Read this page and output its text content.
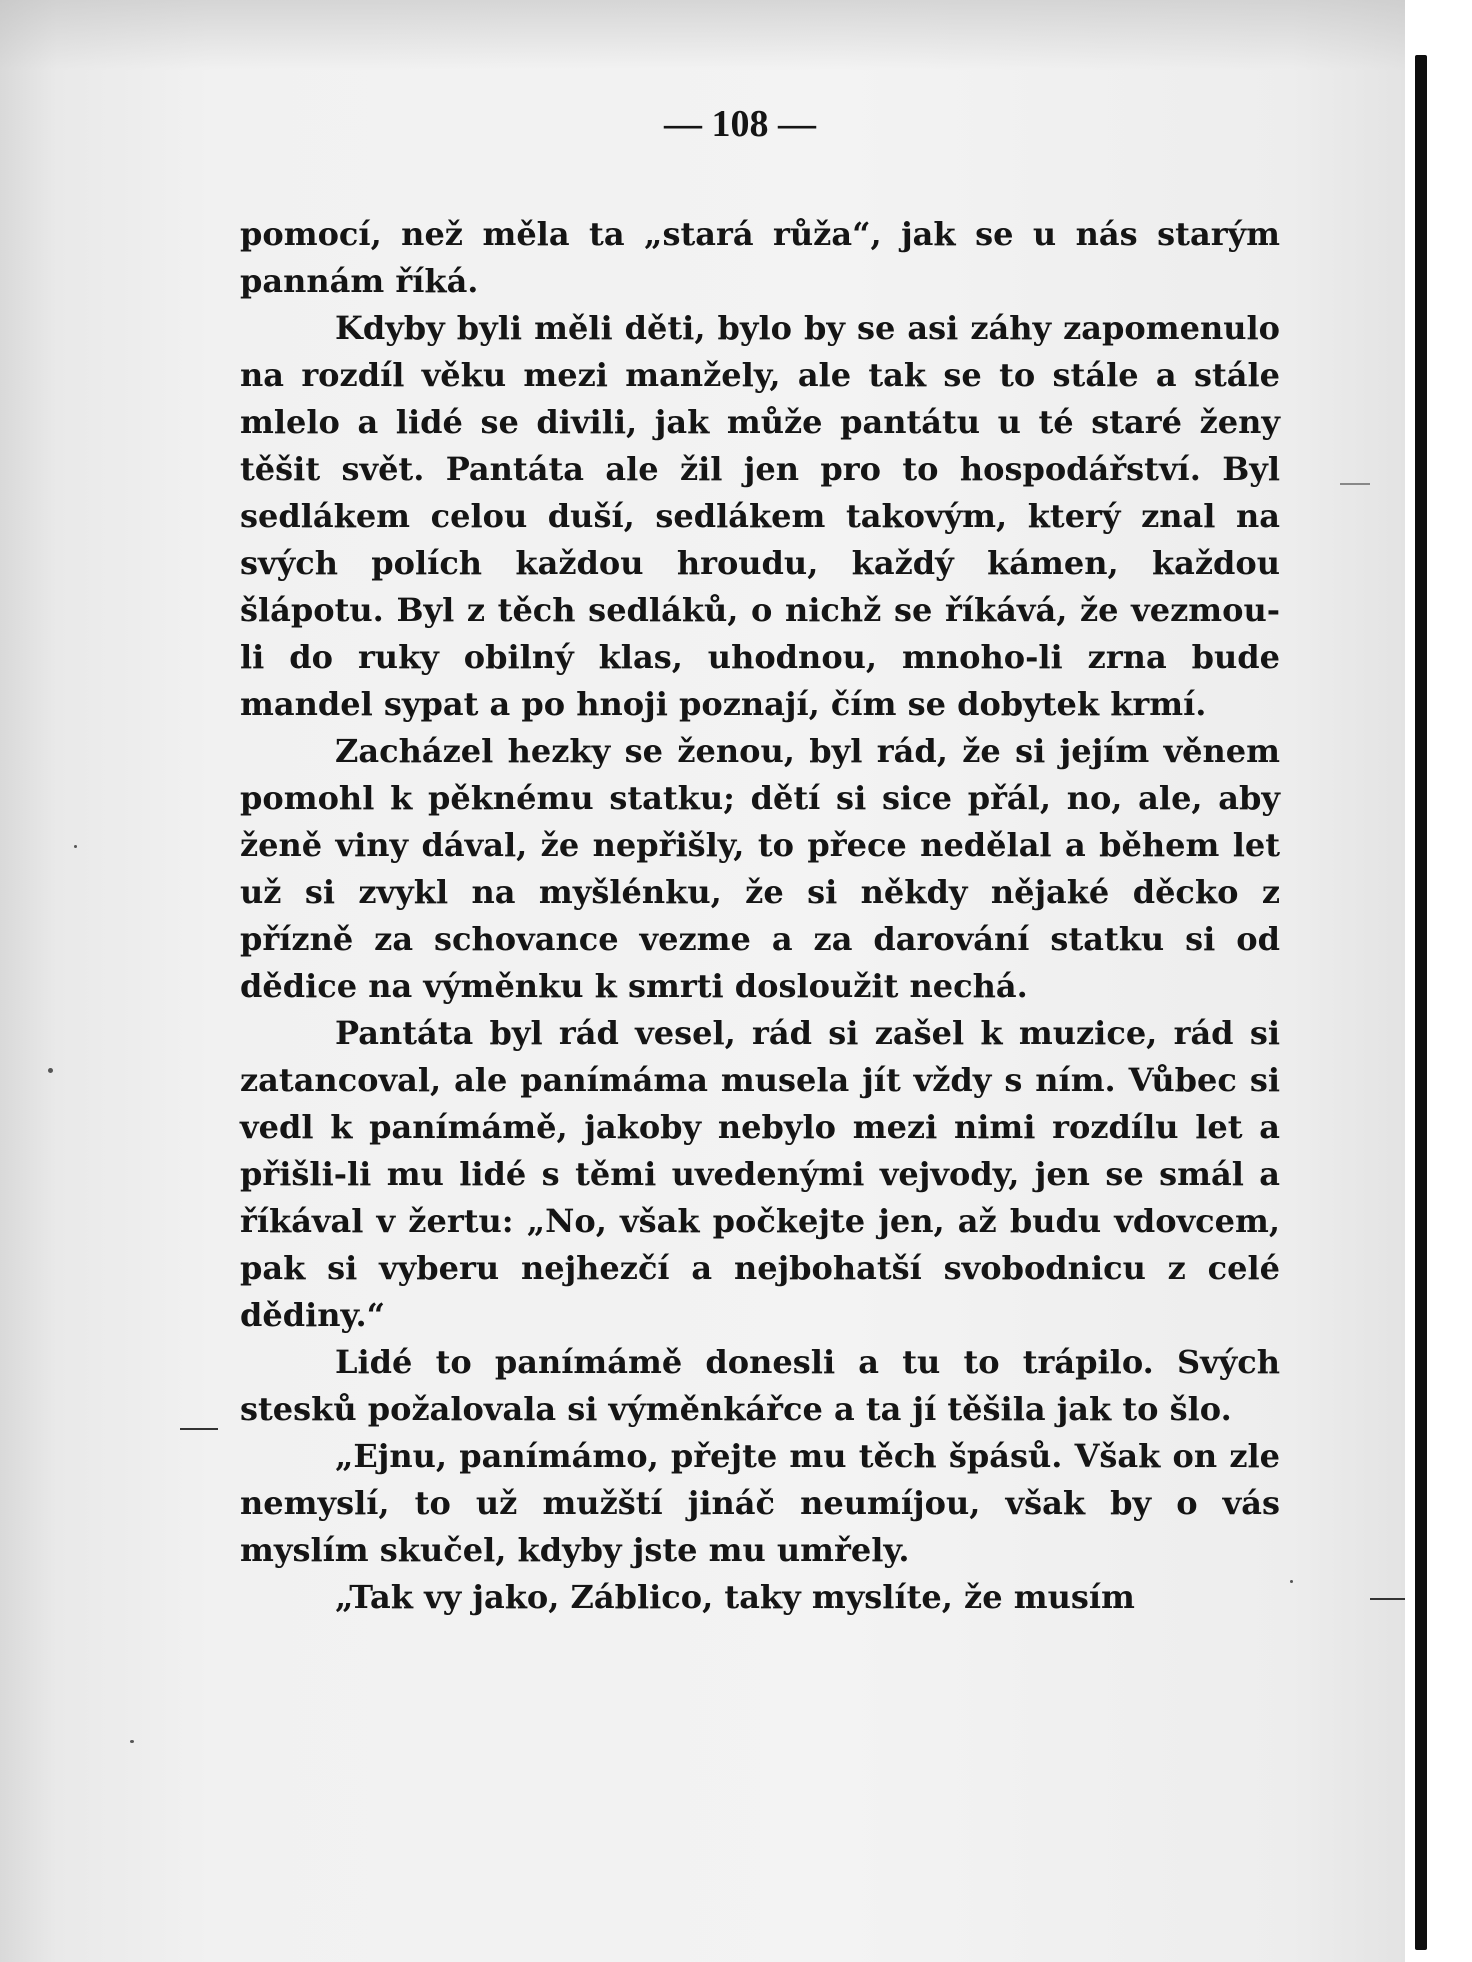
— 108 —

pomocí, než měla ta „stará růža“, jak se u nás starým pannám říká.

Kdyby byli měli děti, bylo by se asi záhy zapomenulo na rozdíl věku mezi manžely, ale tak se to stále a stále mlelo a lidé se divili, jak může pantátu u té staré ženy těšit svět. Pantáta ale žil jen pro to hospodářství. Byl sedlákem celou duší, sedlákem takovým, který znal na svých polích každou hroudu, každý kámen, každou šlápotu. Byl z těch sedláků, o nichž se říkává, že vezmou-li do ruky obilný klas, uhodnou, mnoho-li zrna bude mandel sypat a po hnoji poznají, čím se dobytek krmí.

Zacházel hezky se ženou, byl rád, že si jejím věnem pomohl k pěknému statku; dětí si sice přál, no, ale, aby ženě viny dával, že nepřišly, to přece nedělal a během let už si zvykl na myšlénku, že si někdy nějaké děcko z přízně za schovance vezme a za darování statku si od dědice na výměnku k smrti dosloužit nechá.

Pantáta byl rád vesel, rád si zašel k muzice, rád si zatancoval, ale panímáma musela jít vždy s ním. Vůbec si vedl k panímámě, jakoby nebylo mezi nimi rozdílu let a přišli-li mu lidé s těmi uvedenými vejvody, jen se smál a říkával v žertu: „No, však počkejte jen, až budu vdovcem, pak si vyberu nejhezčí a nejbohatší svobodnicu z celé dědiny.“

Lidé to panímámě donesli a tu to trápilo. Svých stesků požalovala si výměnkářce a ta jí těšila jak to šlo.

„Ejnu, panímámo, přejte mu těch špásů. Však on zle nemyslí, to už mužští jináč neumíjou, však by o vás myslím skučel, kdyby jste mu umřely.

„Tak vy jako, Záblico, taky myslíte, že musím
